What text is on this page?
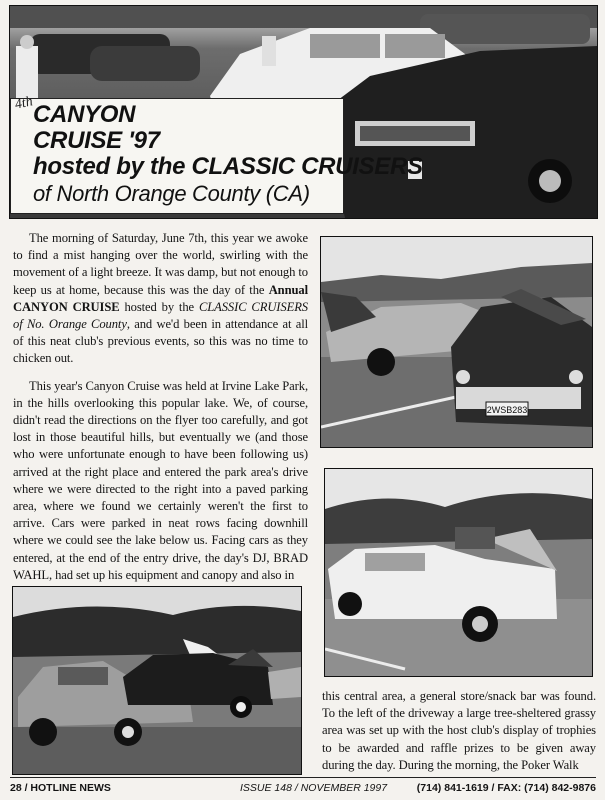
4th
CANYON
CRUISE '97
hosted by the CLASSIC CRUISERS
of North Orange County (CA)
2WSB283

The morning of Saturday, June 7th, this year we awoke to find a mist hanging over the world, swirling with the movement of a light breeze. It was damp, but not enough to keep us at home, because this was the day of the Annual CANYON CRUISE hosted by the CLASSIC CRUISERS of No. Orange County, and we'd been in attendance at all of this neat club's previous events, so this was no time to chicken out.

This year's Canyon Cruise was held at Irvine Lake Park, in the hills overlooking this popular lake. We, of course, didn't read the directions on the flyer too carefully, and got lost in those beautiful hills, but eventually we (and those who were unfortunate enough to have been following us) arrived at the right place and entered the park area's drive where we were directed to the right into a paved parking area, where we found we certainly weren't the first to arrive. Cars were parked in neat rows facing downhill where we could see the lake below us. Facing cars as they entered, at the end of the entry drive, the day's DJ, BRAD WAHL, had set up his equipment and canopy and also in

this central area, a general store/snack bar was found. To the left of the driveway a large tree-sheltered grassy area was set up with the host club's display of trophies to be awarded and raffle prizes to be given away during the day. During the morning, the Poker Walk

28 / HOTLINE NEWS	ISSUE 148 / NOVEMBER 1997	(714) 841-1619 / FAX: (714) 842-9876
